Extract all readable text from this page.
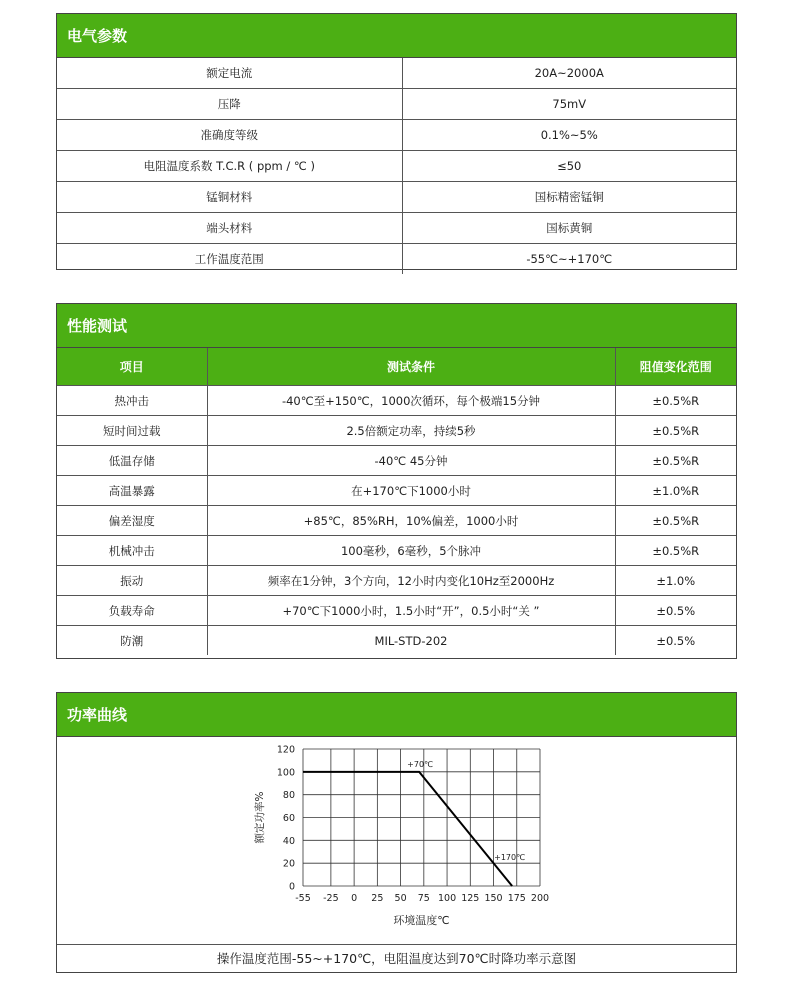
电气参数
额定电流	20A~2000A
压降	75mV
准确度等级	0.1%~5%
电阻温度系数 T.C.R ( ppm / ℃ )	≤50
锰铜材料	国标精密锰铜
端头材料	国标黄铜
工作温度范围	-55℃~+170℃
性能测试
项目	测试条件	阻值变化范围
热冲击	-40℃至+150℃，1000次循环，每个极端15分钟	±0.5%R
短时间过载	2.5倍额定功率，持续5秒	±0.5%R
低温存储	-40℃ 45分钟	±0.5%R
高温暴露	在+170℃下1000小时	±1.0%R
偏差湿度	+85℃，85%RH，10%偏差，1000小时	±0.5%R
机械冲击	100毫秒，6毫秒，5个脉冲	±0.5%R
振动	频率在1分钟，3个方向，12小时内变化10Hz至2000Hz	±1.0%
负载寿命	+70℃下1000小时，1.5小时“开”，0.5小时“关 ”	±0.5%
防潮	MIL-STD-202	±0.5%
功率曲线
-55 -25 0 25 50 75 100 125 150 175 200
0
20
40
60
80
100
120
+70℃
+170℃
环境温度℃
额定功率%
操作温度范围-55~+170℃，电阻温度达到70℃时降功率示意图
